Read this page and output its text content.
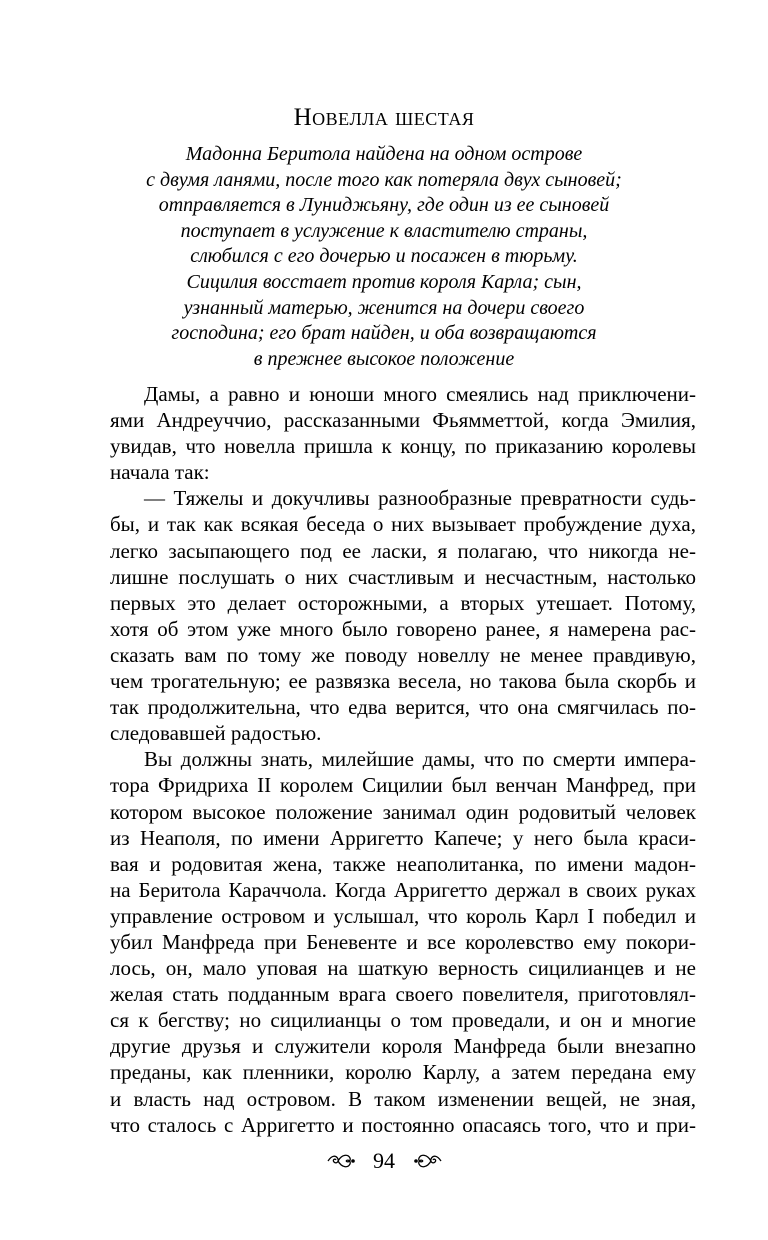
Новелла шестая
Мадонна Беритола найдена на одном острове
с двумя ланями, после того как потеряла двух сыновей;
отправляется в Луниджьяну, где один из ее сыновей
поступает в услужение к властителю страны,
слюбился с его дочерью и посажен в тюрьму.
Сицилия восстает против короля Карла; сын,
узнанный матерью, женится на дочери своего
господина; его брат найден, и оба возвращаются
в прежнее высокое положение
Дамы, а равно и юноши много смеялись над приключени-
ями Андреуччио, рассказанными Фьямметтой, когда Эмилия,
увидав, что новелла пришла к концу, по приказанию королевы
начала так:
— Тяжелы и докучливы разнообразные превратности судь-
бы, и так как всякая беседа о них вызывает пробуждение духа,
легко засыпающего под ее ласки, я полагаю, что никогда не-
лишне послушать о них счастливым и несчастным, настолько
первых это делает осторожными, а вторых утешает. Потому,
хотя об этом уже много было говорено ранее, я намерена рас-
сказать вам по тому же поводу новеллу не менее правдивую,
чем трогательную; ее развязка весела, но такова была скорбь и
так продолжительна, что едва верится, что она смягчилась по-
следовавшей радостью.
Вы должны знать, милейшие дамы, что по смерти импера-
тора Фридриха II королем Сицилии был венчан Манфред, при
котором высокое положение занимал один родовитый человек
из Неаполя, по имени Арригетто Капече; у него была краси-
вая и родовитая жена, также неаполитанка, по имени мадон-
на Беритола Караччола. Когда Арригетто держал в своих руках
управление островом и услышал, что король Карл I победил и
убил Манфреда при Беневенте и все королевство ему покори-
лось, он, мало уповая на шаткую верность сицилианцев и не
желая стать подданным врага своего повелителя, приготовлял-
ся к бегству; но сицилианцы о том проведали, и он и многие
другие друзья и служители короля Манфреда были внезапно
преданы, как пленники, королю Карлу, а затем передана ему
и власть над островом. В таком изменении вещей, не зная,
что сталось с Арригетто и постоянно опасаясь того, что и при-
94
